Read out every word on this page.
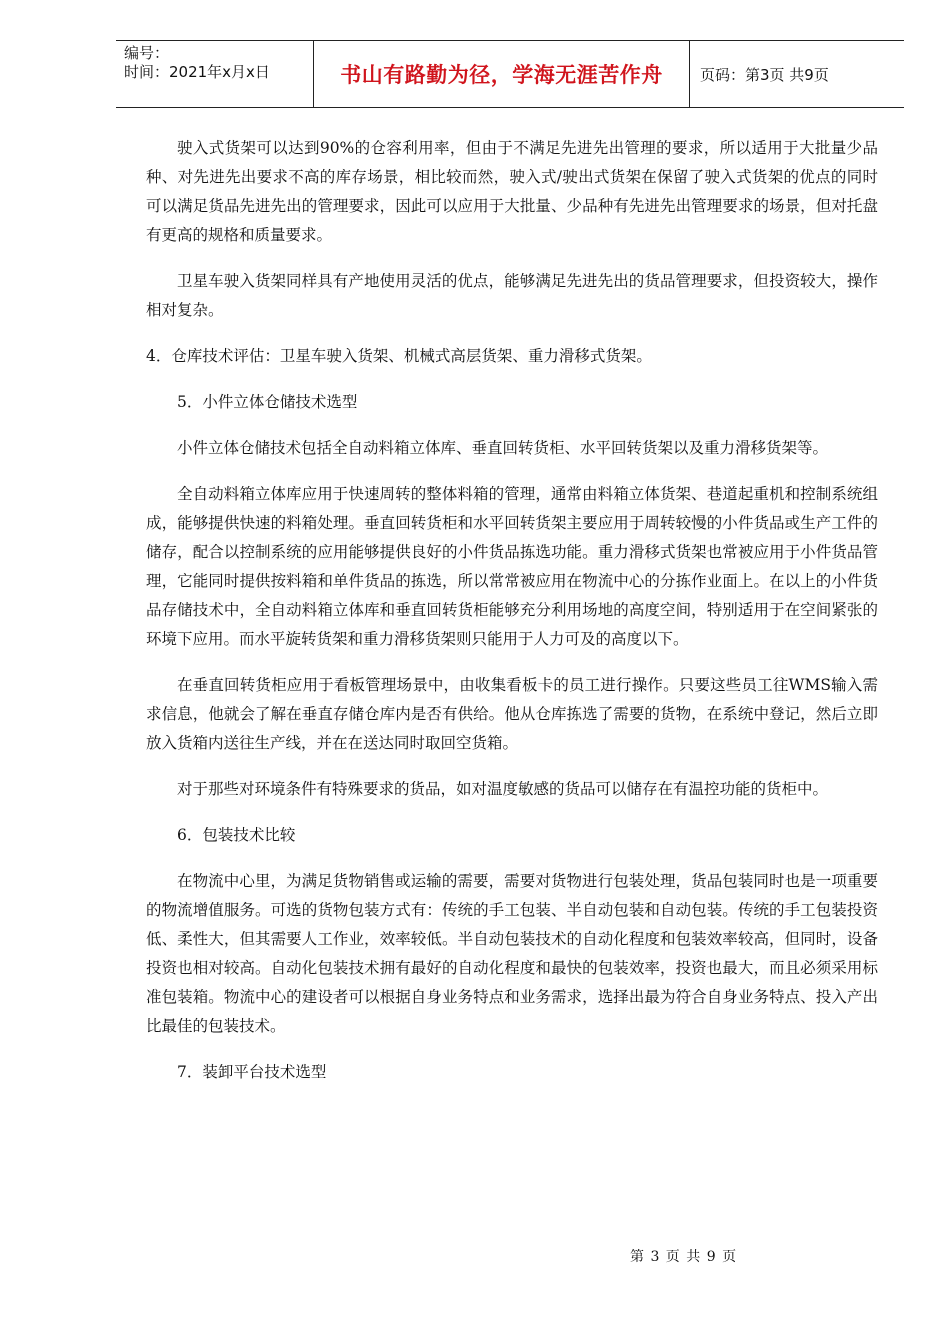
编号：
时间：2021年x月x日	书山有路勤为径，学海无涯苦作舟	页码：第3页 共9页

驶入式货架可以达到90%的仓容利用率，但由于不满足先进先出管理的要求，所以适用于大批量少品种、对先进先出要求不高的库存场景，相比较而然，驶入式/驶出式货架在保留了驶入式货架的优点的同时可以满足货品先进先出的管理要求，因此可以应用于大批量、少品种有先进先出管理要求的场景，但对托盘有更高的规格和质量要求。

卫星车驶入货架同样具有产地使用灵活的优点，能够满足先进先出的货品管理要求，但投资较大，操作相对复杂。

4．仓库技术评估：卫星车驶入货架、机械式高层货架、重力滑移式货架。

5．小件立体仓储技术选型

小件立体仓储技术包括全自动料箱立体库、垂直回转货柜、水平回转货架以及重力滑移货架等。

全自动料箱立体库应用于快速周转的整体料箱的管理，通常由料箱立体货架、巷道起重机和控制系统组成，能够提供快速的料箱处理。垂直回转货柜和水平回转货架主要应用于周转较慢的小件货品或生产工件的储存，配合以控制系统的应用能够提供良好的小件货品拣选功能。重力滑移式货架也常被应用于小件货品管理，它能同时提供按料箱和单件货品的拣选，所以常常被应用在物流中心的分拣作业面上。在以上的小件货品存储技术中，全自动料箱立体库和垂直回转货柜能够充分利用场地的高度空间，特别适用于在空间紧张的环境下应用。而水平旋转货架和重力滑移货架则只能用于人力可及的高度以下。

在垂直回转货柜应用于看板管理场景中，由收集看板卡的员工进行操作。只要这些员工往WMS输入需求信息，他就会了解在垂直存储仓库内是否有供给。他从仓库拣选了需要的货物，在系统中登记，然后立即放入货箱内送往生产线，并在在送达同时取回空货箱。

对于那些对环境条件有特殊要求的货品，如对温度敏感的货品可以储存在有温控功能的货柜中。

6．包装技术比较

在物流中心里，为满足货物销售或运输的需要，需要对货物进行包装处理，货品包装同时也是一项重要的物流增值服务。可选的货物包装方式有：传统的手工包装、半自动包装和自动包装。传统的手工包装投资低、柔性大，但其需要人工作业，效率较低。半自动包装技术的自动化程度和包装效率较高，但同时，设备投资也相对较高。自动化包装技术拥有最好的自动化程度和最快的包装效率，投资也最大，而且必须采用标准包装箱。物流中心的建设者可以根据自身业务特点和业务需求，选择出最为符合自身业务特点、投入产出比最佳的包装技术。

7．装卸平台技术选型

第 3 页 共 9 页
